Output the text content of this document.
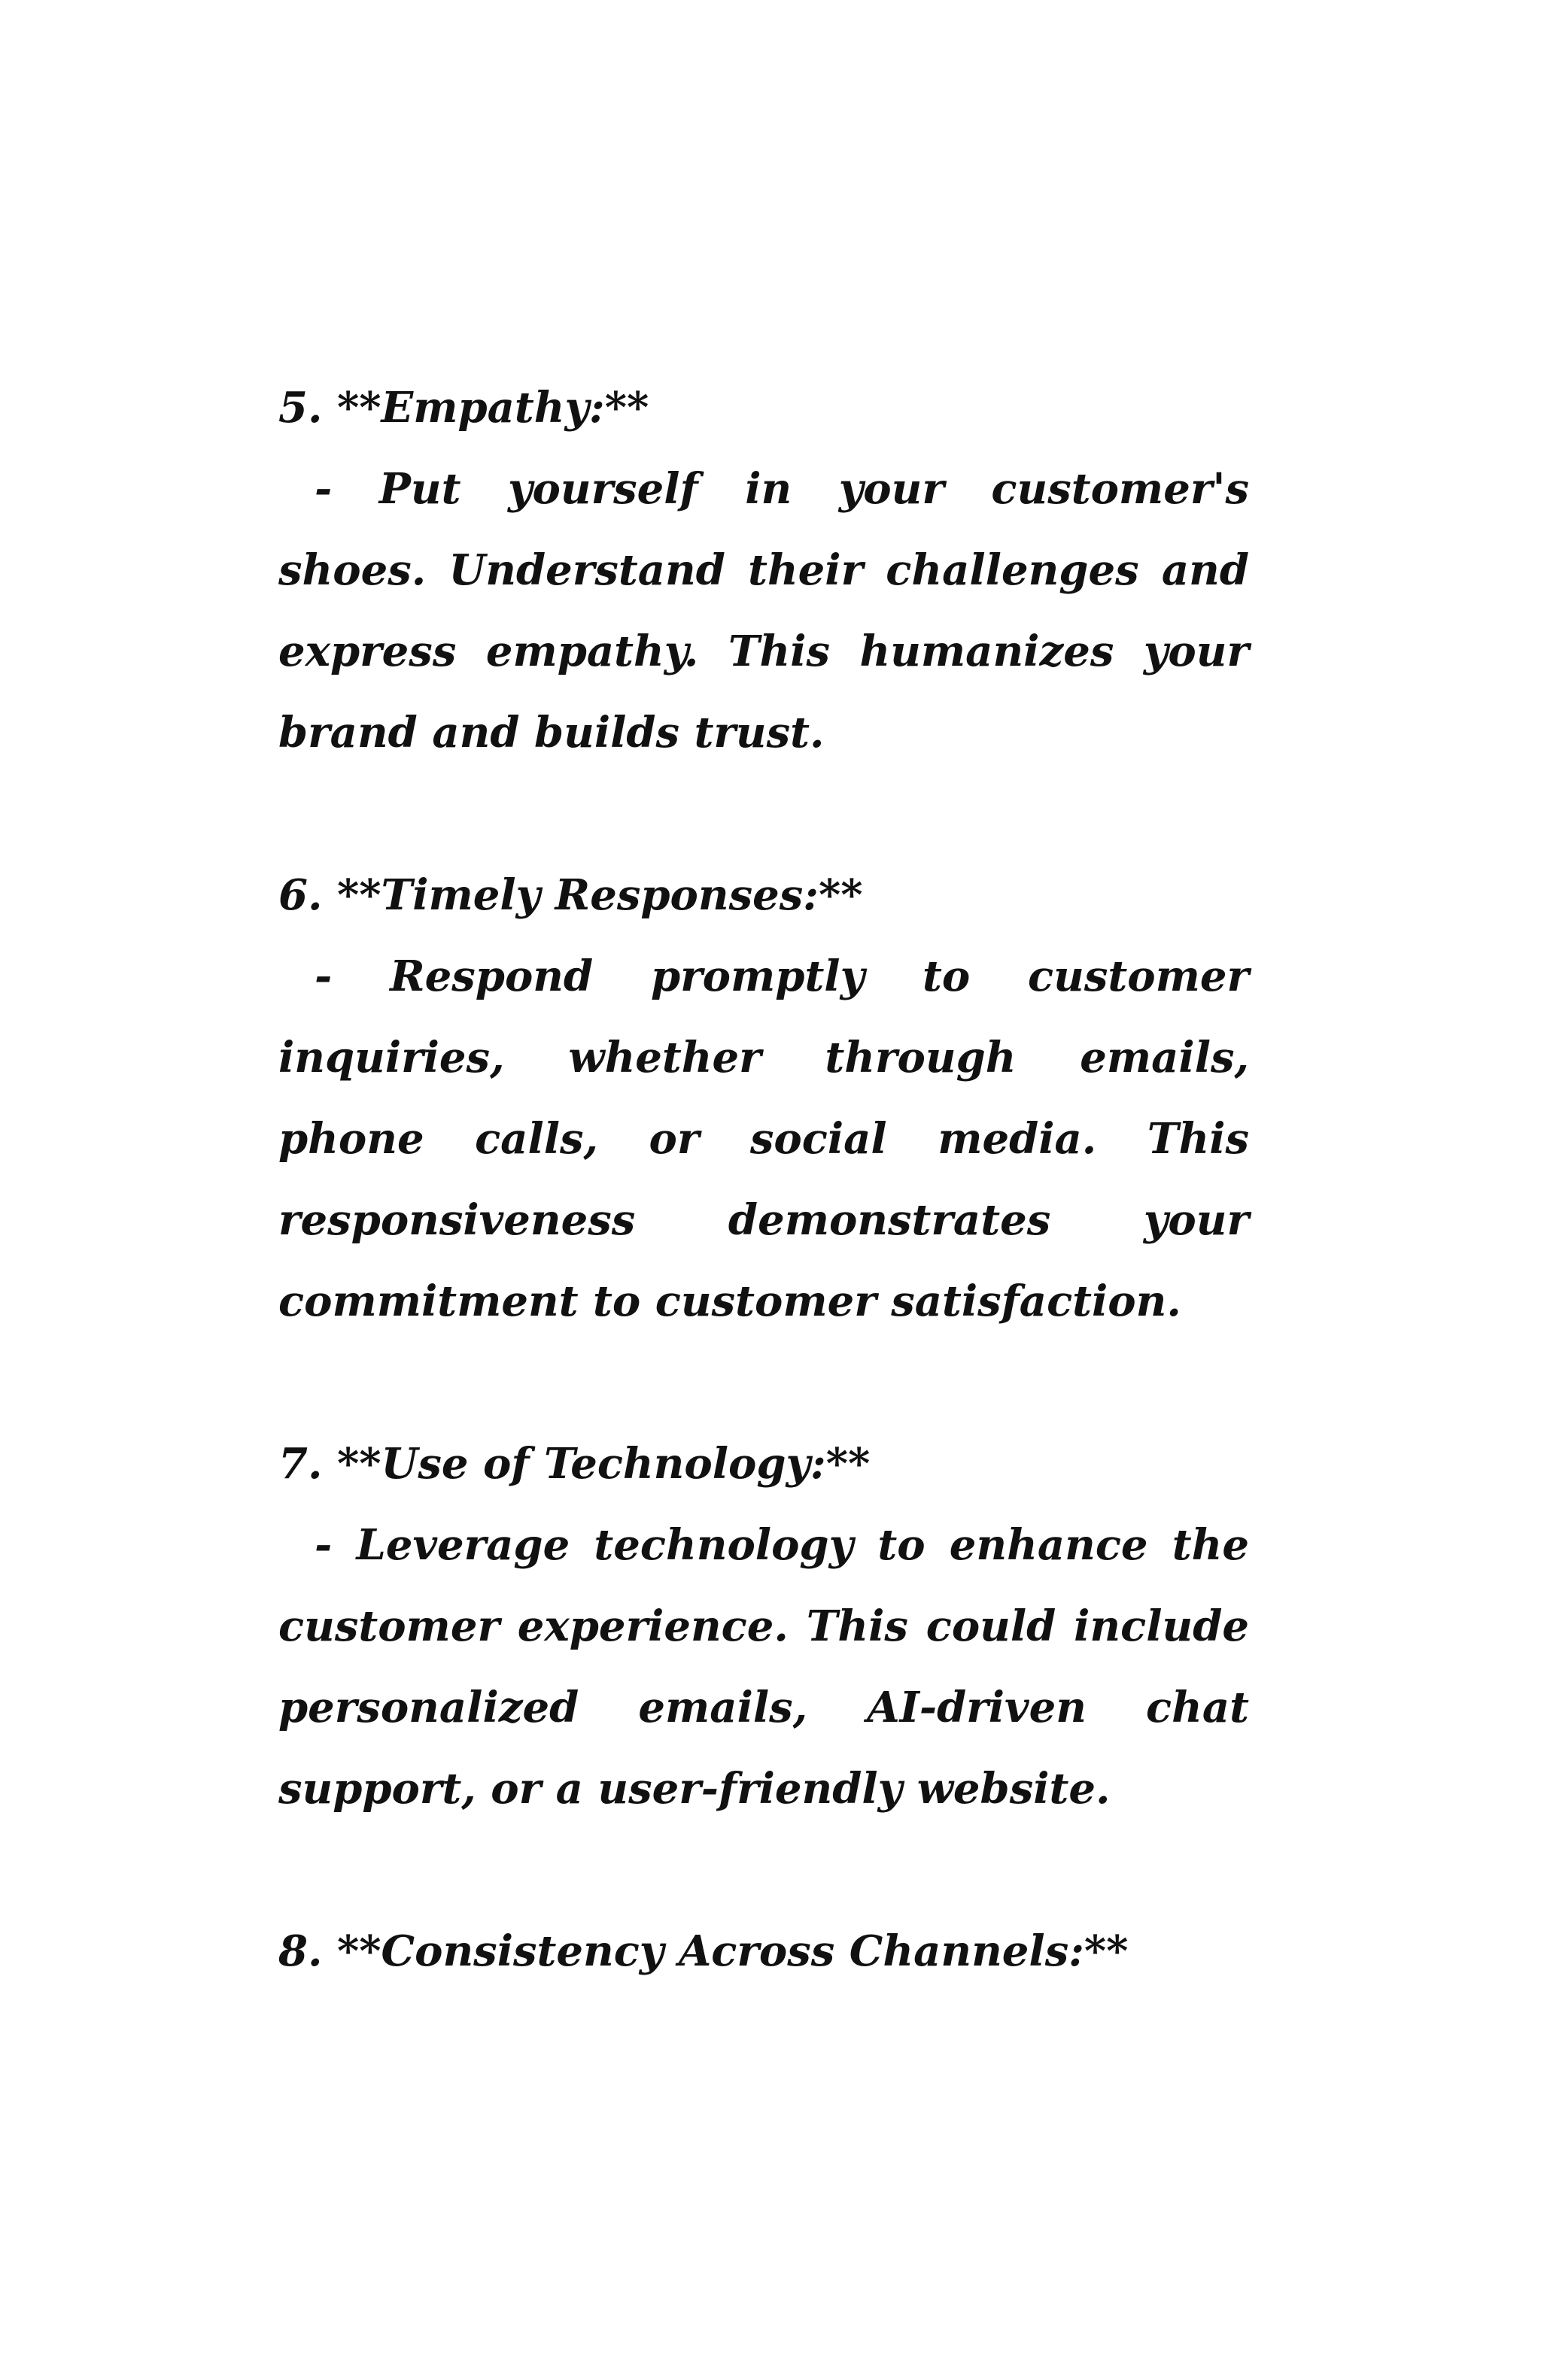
5. **Empathy:**
- Put yourself in your customer's shoes. Understand their challenges and express empathy. This humanizes your brand and builds trust.
6. **Timely Responses:**
- Respond promptly to customer inquiries, whether through emails, phone calls, or social media. This responsiveness demonstrates your commitment to customer satisfaction.
7. **Use of Technology:**
- Leverage technology to enhance the customer experience. This could include personalized emails, AI-driven chat support, or a user-friendly website.
8. **Consistency Across Channels:**
